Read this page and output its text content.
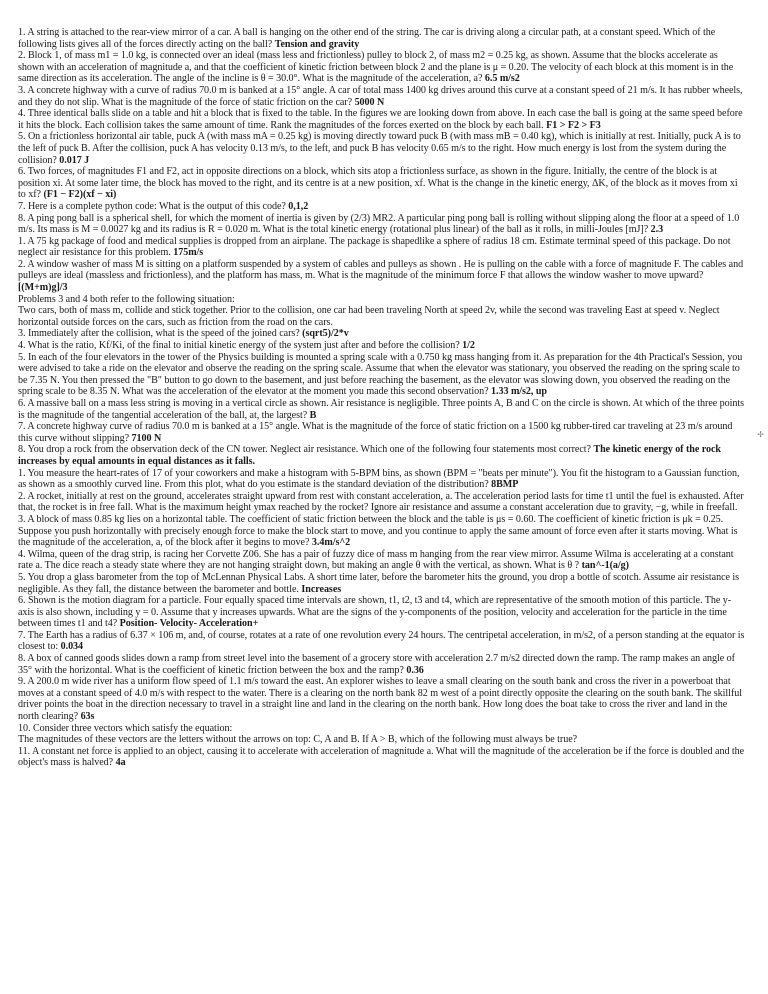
1. A string is attached to the rear-view mirror of a car. A ball is hanging on the other end of the string. The car is driving along a circular path, at a constant speed. Which of the following lists gives all of the forces directly acting on the ball? Tension and gravity

2. Block 1, of mass m1 = 1.0 kg, is connected over an ideal (mass less and frictionless) pulley to block 2, of mass m2 = 0.25 kg, as shown. Assume that the blocks accelerate as shown with an acceleration of magnitude a, and that the coefficient of kinetic friction between block 2 and the plane is μ = 0.20. The velocity of each block at this moment is in the same direction as its acceleration. The angle of the incline is θ = 30.0°. What is the magnitude of the acceleration, a? 6.5 m/s2

3. A concrete highway with a curve of radius 70.0 m is banked at a 15° angle. A car of total mass 1400 kg drives around this curve at a constant speed of 21 m/s. It has rubber wheels, and they do not slip. What is the magnitude of the force of static friction on the car? 5000 N

4. Three identical balls slide on a table and hit a block that is fixed to the table. In the figures we are looking down from above. In each case the ball is going at the same speed before it hits the block. Each collision takes the same amount of time. Rank the magnitudes of the forces exerted on the block by each ball. F1 > F2 > F3

5. On a frictionless horizontal air table, puck A (with mass mA = 0.25 kg) is moving directly toward puck B (with mass mB = 0.40 kg), which is initially at rest. Initially, puck A is to the left of puck B. After the collision, puck A has velocity 0.13 m/s, to the left, and puck B has velocity 0.65 m/s to the right. How much energy is lost from the system during the collision? 0.017 J

6. Two forces, of magnitudes F1 and F2, act in opposite directions on a block, which sits atop a frictionless surface, as shown in the figure. Initially, the centre of the block is at position xi. At some later time, the block has moved to the right, and its centre is at a new position, xf. What is the change in the kinetic energy, ΔK, of the block as it moves from xi to xf? (F1 − F2)(xf − xi)

7. Here is a complete python code: What is the output of this code? 0,1,2

8. A ping pong ball is a spherical shell, for which the moment of inertia is given by (2/3) MR2. A particular ping pong ball is rolling without slipping along the floor at a speed of 1.0 m/s. Its mass is M = 0.0027 kg and its radius is R = 0.020 m. What is the total kinetic energy (rotational plus linear) of the ball as it rolls, in milli-Joules [mJ]? 2.3

1. A 75 kg package of food and medical supplies is dropped from an airplane. The package is shapedlike a sphere of radius 18 cm. Estimate terminal speed of this package. Do not neglect air resistance for this problem. 175m/s

2. A window washer of mass M is sitting on a platform suspended by a system of cables and pulleys as shown . He is pulling on the cable with a force of magnitude F. The cables and pulleys are ideal (massless and frictionless), and the platform has mass, m. What is the magnitude of the minimum force F that allows the window washer to move upward? [(M+m)g]/3

Problems 3 and 4 both refer to the following situation:

Two cars, both of mass m, collide and stick together. Prior to the collision, one car had been traveling North at speed 2v, while the second was traveling East at speed v. Neglect horizontal outside forces on the cars, such as friction from the road on the cars.

3. Immediately after the collision, what is the speed of the joined cars? (sqrt5)/2*v

4. What is the ratio, Kf/Ki, of the final to initial kinetic energy of the system just after and before the collision? 1/2

5. In each of the four elevators in the tower of the Physics building is mounted a spring scale with a 0.750 kg mass hanging from it. As preparation for the 4th Practical's Session, you were advised to take a ride on the elevator and observe the reading on the spring scale. Assume that when the elevator was stationary, you observed the reading on the spring scale to be 7.35 N. You then pressed the "B" button to go down to the basement, and just before reaching the basement, as the elevator was slowing down, you observed the reading on the spring scale to be 8.35 N. What was the acceleration of the elevator at the moment you made this second observation? 1.33 m/s2, up

6. A massive ball on a mass less string is moving in a vertical circle as shown. Air resistance is negligible. Three points A, B and C on the circle is shown. At which of the three points is the magnitude of the tangential acceleration of the ball, at, the largest? B

7. A concrete highway curve of radius 70.0 m is banked at a 15° angle. What is the magnitude of the force of static friction on a 1500 kg rubber-tired car traveling at 23 m/s around this curve without slipping? 7100 N

8. You drop a rock from the observation deck of the CN tower. Neglect air resistance. Which one of the following four statements most correct? The kinetic energy of the rock increases by equal amounts in equal distances as it falls.

1. You measure the heart-rates of 17 of your coworkers and make a histogram with 5-BPM bins, as shown (BPM = "beats per minute"). You fit the histogram to a Gaussian function, as shown as a smoothly curved line. From this plot, what do you estimate is the standard deviation of the distribution? 8BMP

2. A rocket, initially at rest on the ground, accelerates straight upward from rest with constant acceleration, a. The acceleration period lasts for time t1 until the fuel is exhausted. After that, the rocket is in free fall. What is the maximum height ymax reached by the rocket? Ignore air resistance and assume a constant acceleration due to gravity, −g, while in freefall.

3. A block of mass 0.85 kg lies on a horizontal table. The coefficient of static friction between the block and the table is μs = 0.60. The coefficient of kinetic friction is μk = 0.25. Suppose you push horizontally with precisely enough force to make the block start to move, and you continue to apply the same amount of force even after it starts moving. What is the magnitude of the acceleration, a, of the block after it begins to move? 3.4m/s^2

4. Wilma, queen of the drag strip, is racing her Corvette Z06. She has a pair of fuzzy dice of mass m hanging from the rear view mirror. Assume Wilma is accelerating at a constant rate a. The dice reach a steady state where they are not hanging straight down, but making an angle θ with the vertical, as shown. What is θ ? tan^-1(a/g)

5. You drop a glass barometer from the top of McLennan Physical Labs. A short time later, before the barometer hits the ground, you drop a bottle of scotch. Assume air resistance is negligible. As they fall, the distance between the barometer and bottle. Increases

6. Shown is the motion diagram for a particle. Four equally spaced time intervals are shown, t1, t2, t3 and t4, which are representative of the smooth motion of this particle. The y-axis is also shown, including y = 0. Assume that y increases upwards. What are the signs of the y-components of the position, velocity and acceleration for the particle in the time between times t1 and t4? Position- Velocity- Acceleration+

7. The Earth has a radius of 6.37 × 106 m, and, of course, rotates at a rate of one revolution every 24 hours. The centripetal acceleration, in m/s2, of a person standing at the equator is closest to: 0.034

8. A box of canned goods slides down a ramp from street level into the basement of a grocery store with acceleration 2.7 m/s2 directed down the ramp. The ramp makes an angle of 35° with the horizontal. What is the coefficient of kinetic friction between the box and the ramp? 0.36

9. A 200.0 m wide river has a uniform flow speed of 1.1 m/s toward the east. An explorer wishes to leave a small clearing on the south bank and cross the river in a powerboat that moves at a constant speed of 4.0 m/s with respect to the water. There is a clearing on the north bank 82 m west of a point directly opposite the clearing on the south bank. The skillful driver points the boat in the direction necessary to travel in a straight line and land in the clearing on the north bank. How long does the boat take to cross the river and land in the north clearing? 63s

10. Consider three vectors which satisfy the equation:

The magnitudes of these vectors are the letters without the arrows on top: C, A and B. If A > B, which of the following must always be true?

11. A constant net force is applied to an object, causing it to accelerate with acceleration of magnitude a. What will the magnitude of the acceleration be if the force is doubled and the object's mass is halved? 4a

✢
